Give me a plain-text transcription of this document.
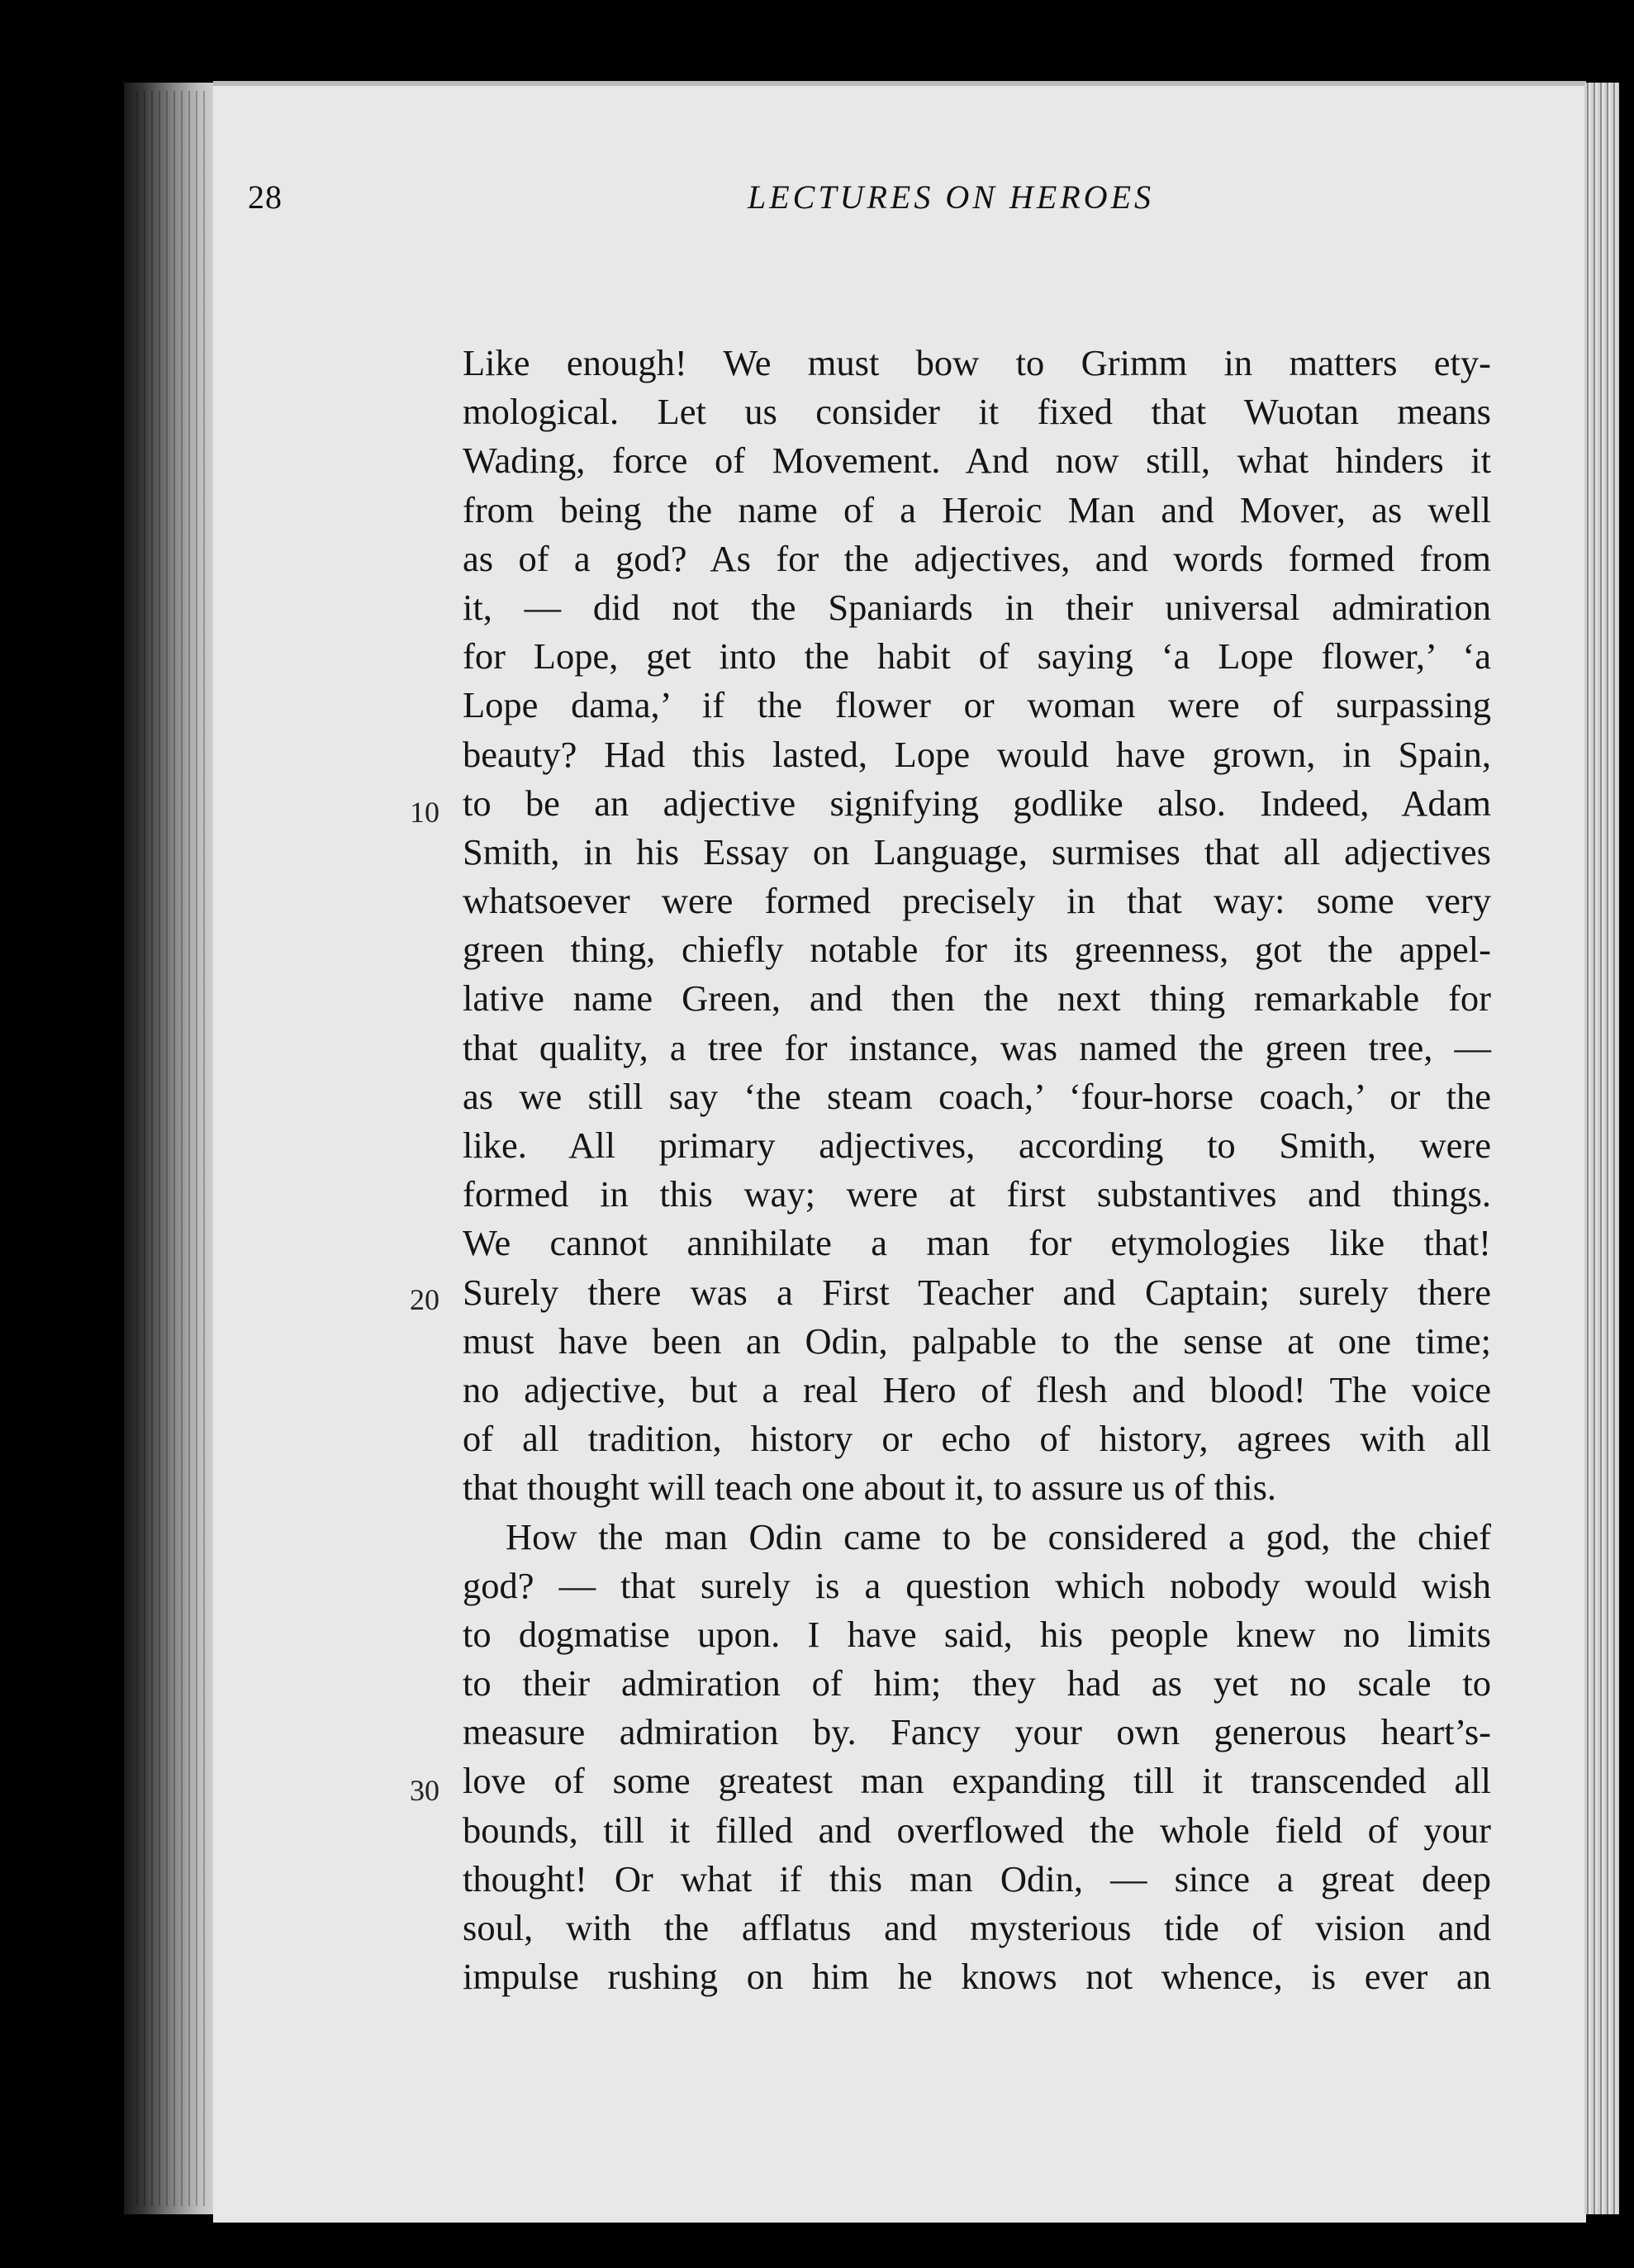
28	LECTURES ON HEROES
10
20
30
Like enough! We must bow to Grimm in matters ety-
mological. Let us consider it fixed that Wuotan means
Wading, force of Movement. And now still, what hinders it
from being the name of a Heroic Man and Mover, as well
as of a god? As for the adjectives, and words formed from
it, — did not the Spaniards in their universal admiration
for Lope, get into the habit of saying ‘a Lope flower,’ ‘a
Lope dama,’ if the flower or woman were of surpassing
beauty? Had this lasted, Lope would have grown, in Spain,
to be an adjective signifying godlike also. Indeed, Adam
Smith, in his Essay on Language, surmises that all adjectives
whatsoever were formed precisely in that way: some very
green thing, chiefly notable for its greenness, got the appel-
lative name Green, and then the next thing remarkable for
that quality, a tree for instance, was named the green tree, —
as we still say ‘the steam coach,’ ‘four-horse coach,’ or the
like. All primary adjectives, according to Smith, were
formed in this way; were at first substantives and things.
We cannot annihilate a man for etymologies like that!
Surely there was a First Teacher and Captain; surely there
must have been an Odin, palpable to the sense at one time;
no adjective, but a real Hero of flesh and blood! The voice
of all tradition, history or echo of history, agrees with all
that thought will teach one about it, to assure us of this.
How the man Odin came to be considered a god, the chief
god? — that surely is a question which nobody would wish
to dogmatise upon. I have said, his people knew no limits
to their admiration of him; they had as yet no scale to
measure admiration by. Fancy your own generous heart’s-
love of some greatest man expanding till it transcended all
bounds, till it filled and overflowed the whole field of your
thought! Or what if this man Odin, — since a great deep
soul, with the afflatus and mysterious tide of vision and
impulse rushing on him he knows not whence, is ever an
